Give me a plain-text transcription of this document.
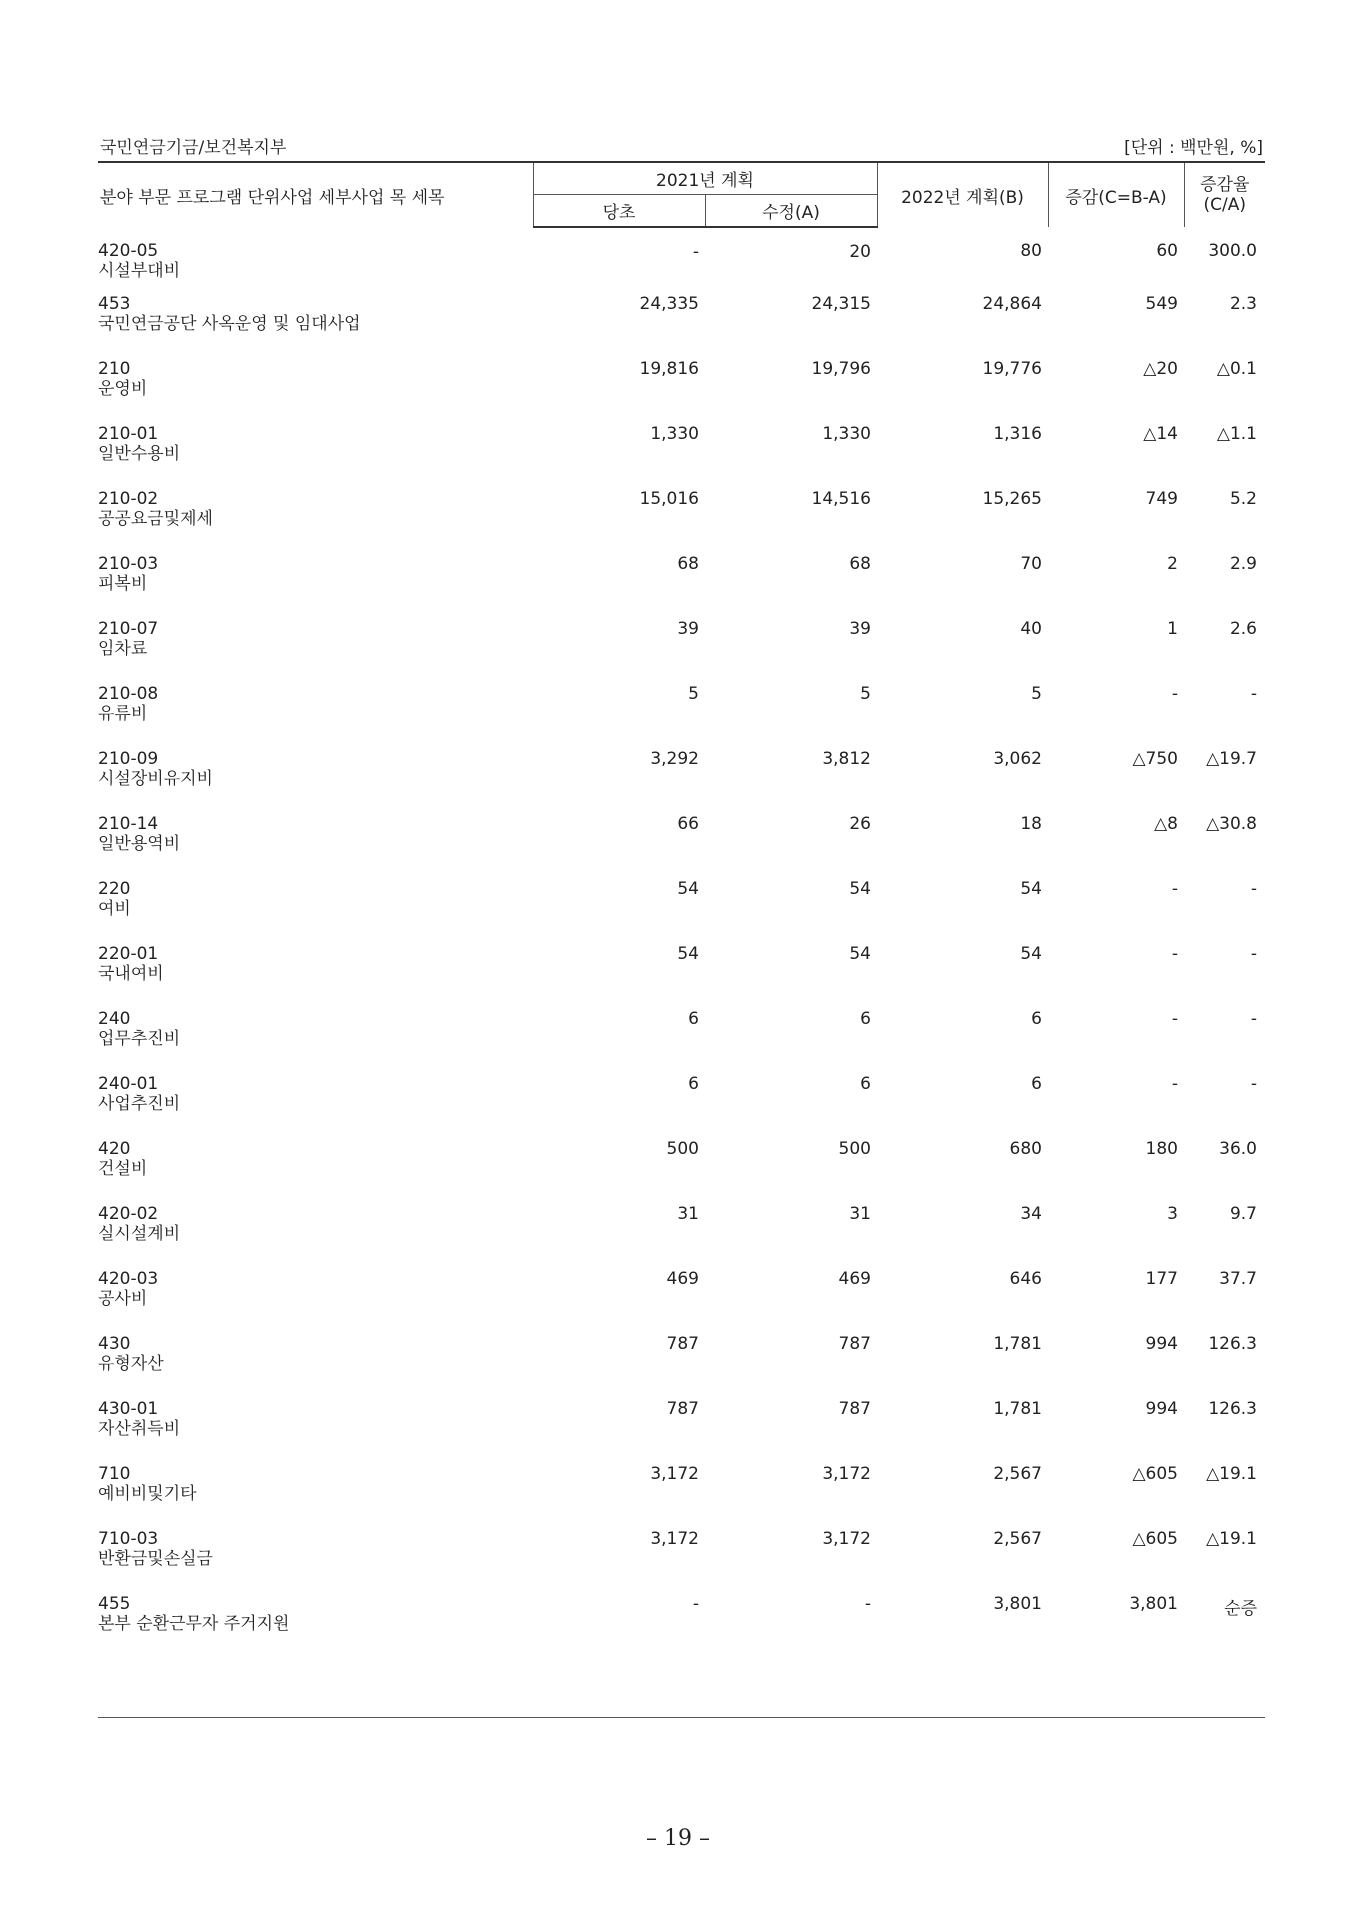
국민연금기금/보건복지부	[단위 : 백만원, %]
분야 부문 프로그램 단위사업 세부사업 목 세목	2021년 계획		2022년 계획(B)	증감(C=B-A)	증감율
(C/A)

	당초	수정(A)			

420-05
시설부대비	-	20	80	60	300.0

453
국민연금공단 사옥운영 및 임대사업	24,335	24,315	24,864	549	2.3

210
운영비	19,816	19,796	19,776	△20	△0.1

210-01
일반수용비	1,330	1,330	1,316	△14	△1.1

210-02
공공요금및제세	15,016	14,516	15,265	749	5.2

210-03
피복비	68	68	70	2	2.9

210-07
임차료	39	39	40	1	2.6

210-08
유류비	5	5	5	-	-

210-09
시설장비유지비	3,292	3,812	3,062	△750	△19.7

210-14
일반용역비	66	26	18	△8	△30.8

220
여비	54	54	54	-	-

220-01
국내여비	54	54	54	-	-

240
업무추진비	6	6	6	-	-

240-01
사업추진비	6	6	6	-	-

420
건설비	500	500	680	180	36.0

420-02
실시설계비	31	31	34	3	9.7

420-03
공사비	469	469	646	177	37.7

430
유형자산	787	787	1,781	994	126.3

430-01
자산취득비	787	787	1,781	994	126.3

710
예비비및기타	3,172	3,172	2,567	△605	△19.1

710-03
반환금및손실금	3,172	3,172	2,567	△605	△19.1

455
본부 순환근무자 주거지원	-	-	3,801	3,801	순증
– 19 –
